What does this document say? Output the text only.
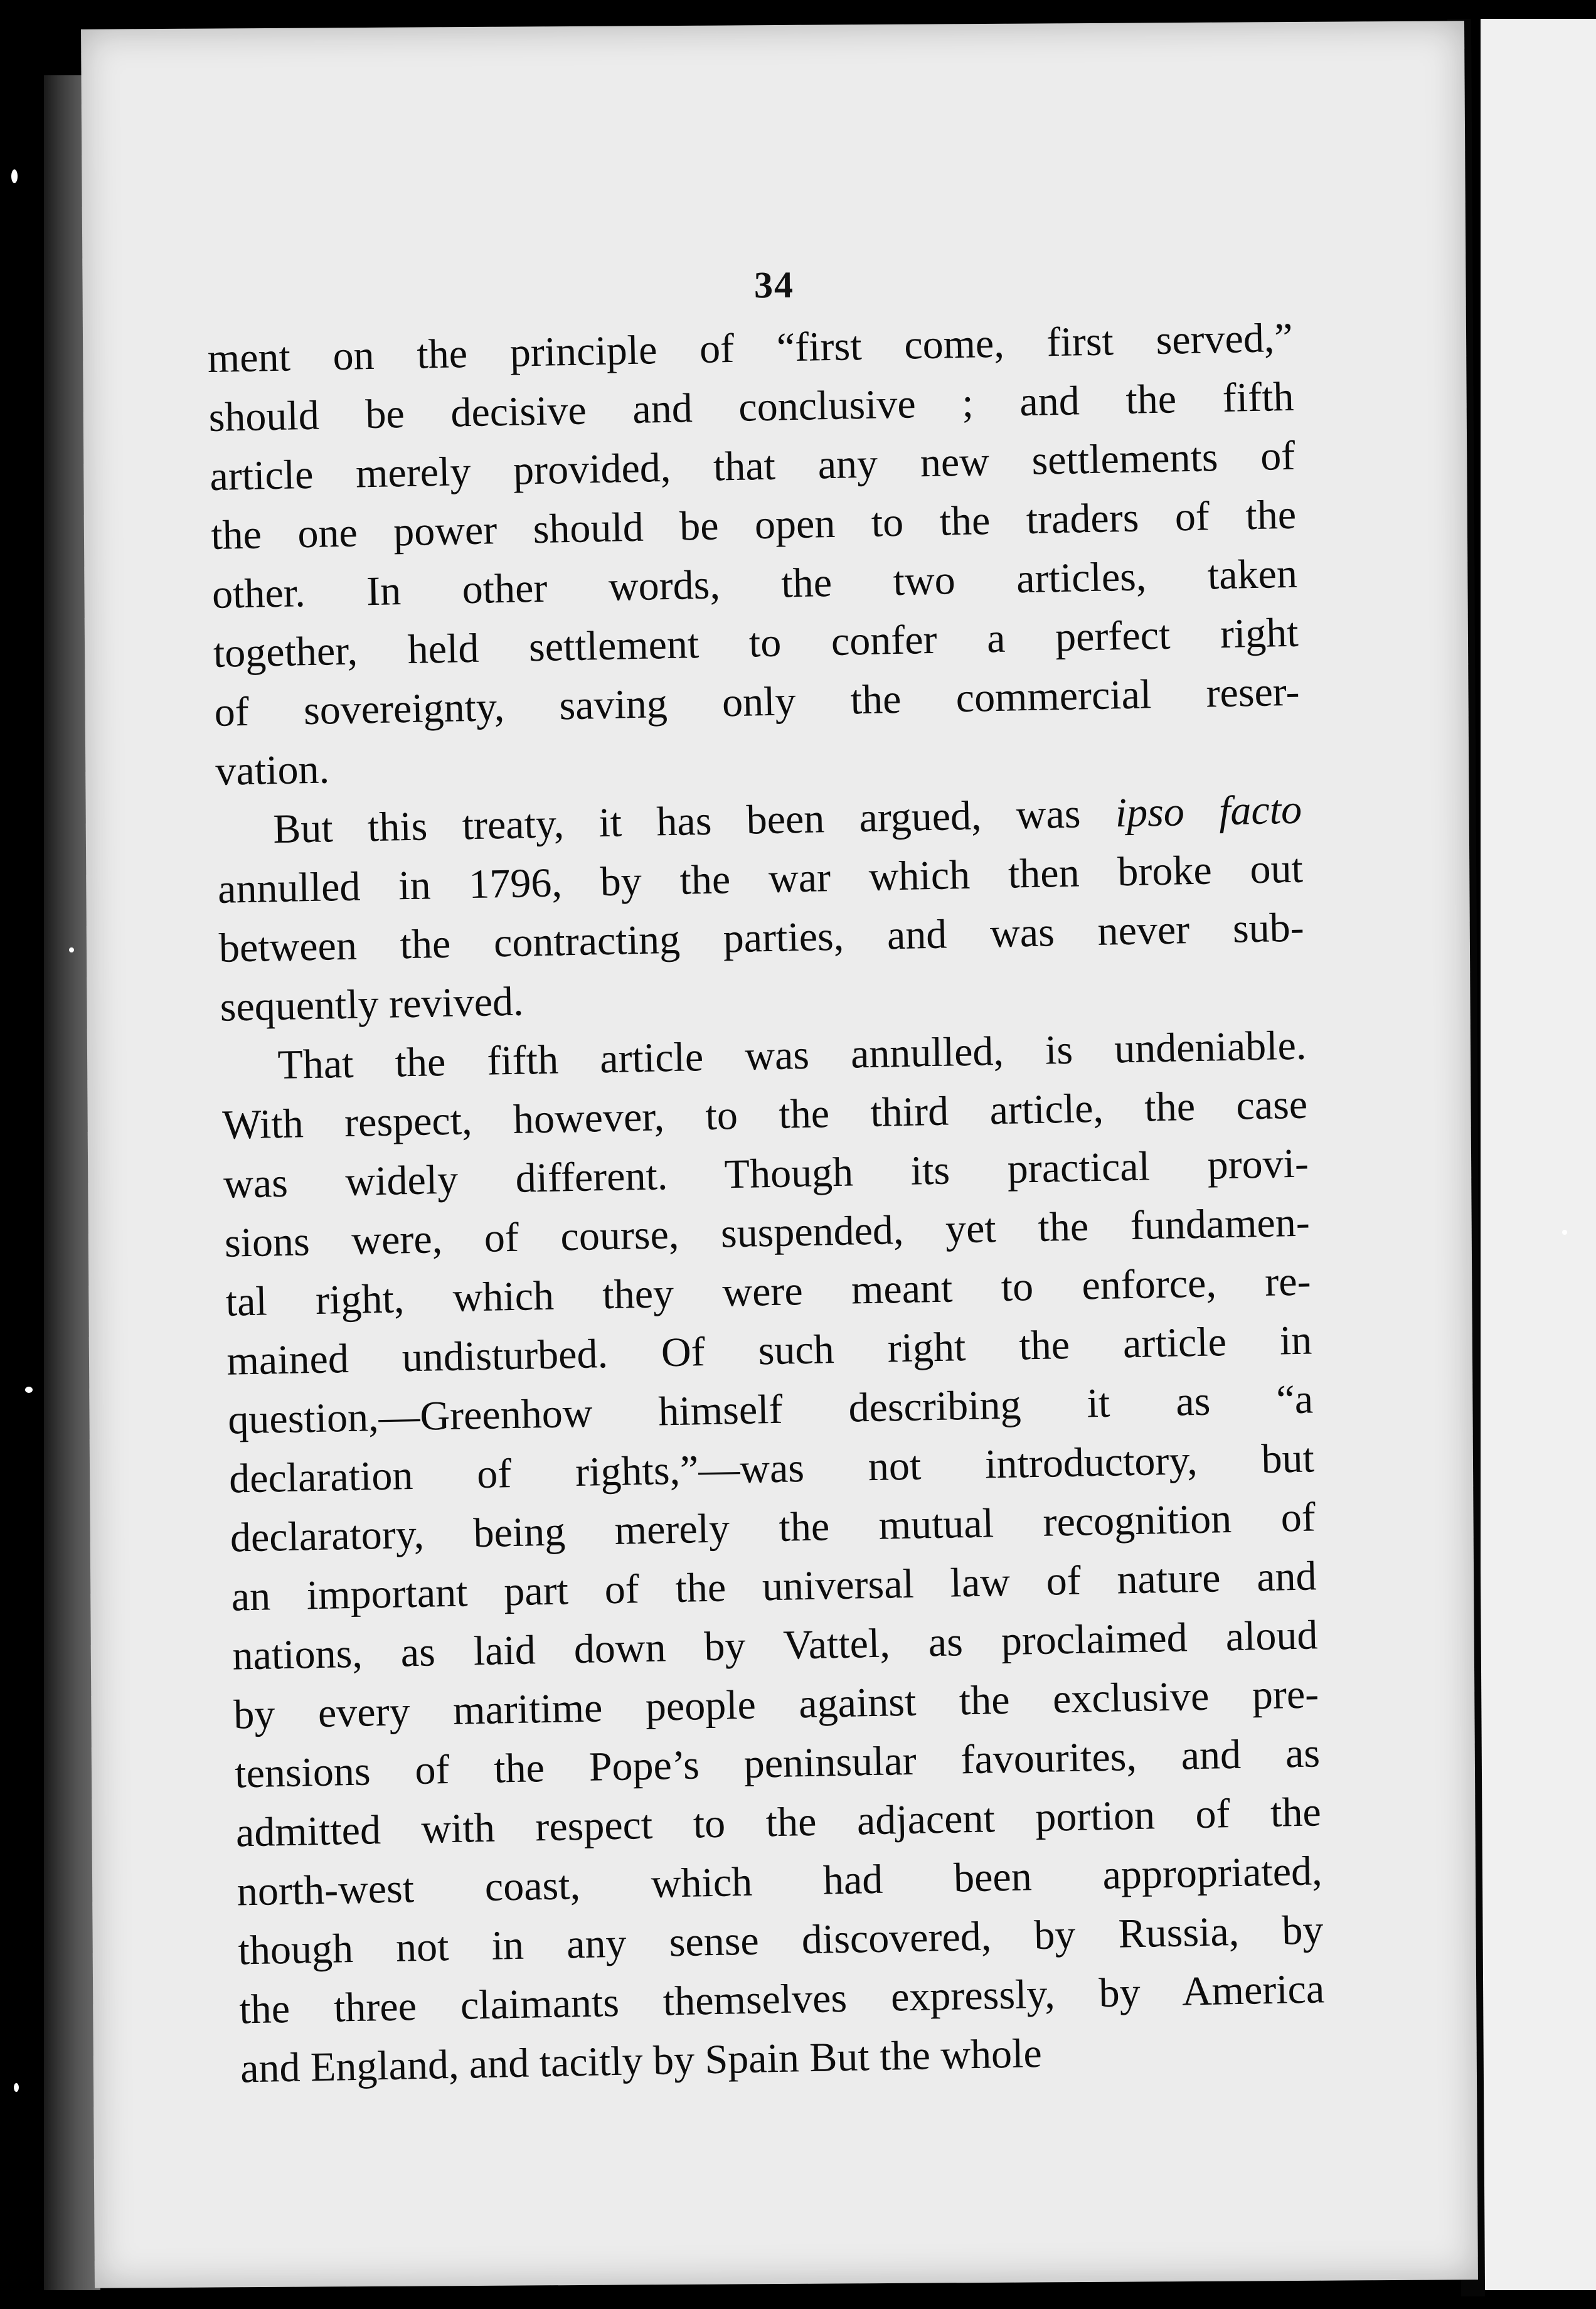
34
ment on the principle of “first come, first served,”
should be decisive and conclusive ; and the fifth
article merely provided, that any new settlements of
the one power should be open to the traders of the
other. In other words, the two articles, taken
together, held settlement to confer a perfect right
of sovereignty, saving only the commercial reser-
vation.
But this treaty, it has been argued, was ipso facto
annulled in 1796, by the war which then broke out
between the contracting parties, and was never sub-
sequently revived.
That the fifth article was annulled, is undeniable.
With respect, however, to the third article, the case
was widely different. Though its practical provi-
sions were, of course, suspended, yet the fundamen-
tal right, which they were meant to enforce, re-
mained undisturbed. Of such right the article in
question,—Greenhow himself describing it as “a
declaration of rights,”—was not introductory, but
declaratory, being merely the mutual recognition of
an important part of the universal law of nature and
nations, as laid down by Vattel, as proclaimed aloud
by every maritime people against the exclusive pre-
tensions of the Pope’s peninsular favourites, and as
admitted with respect to the adjacent portion of the
north-west coast, which had been appropriated,
though not in any sense discovered, by Russia, by
the three claimants themselves expressly, by America
and England, and tacitly by Spain But the whole
